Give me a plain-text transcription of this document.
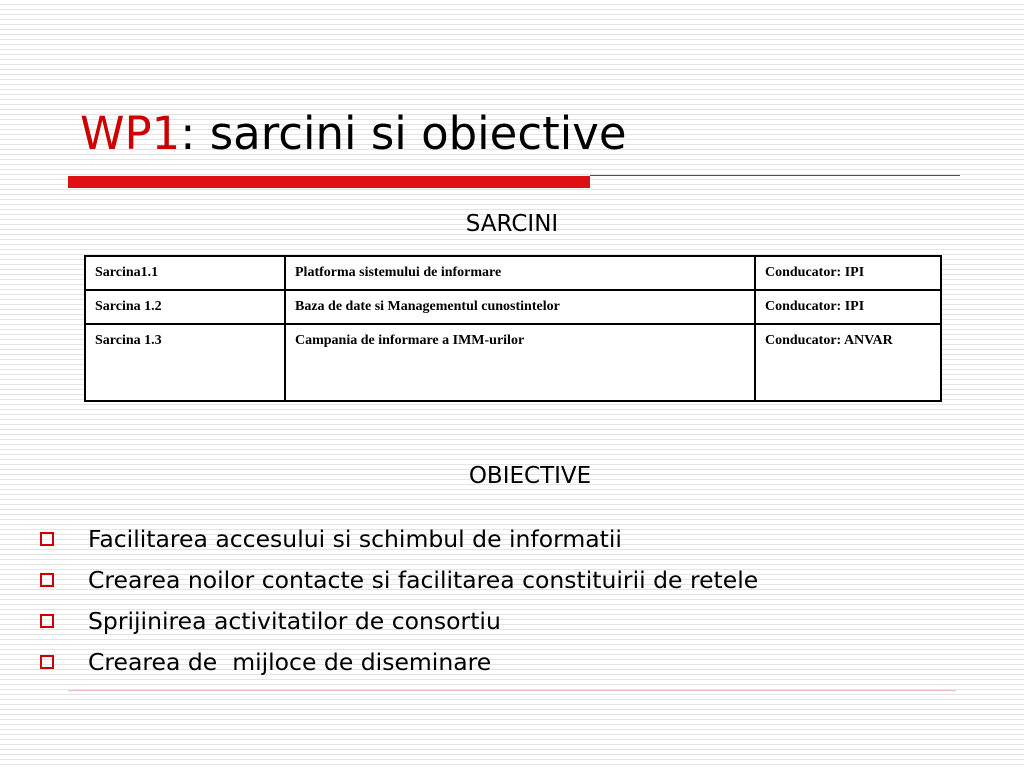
WP1: sarcini si obiective
SARCINI
Sarcina1.1	Platforma sistemului de informare	Conducator: IPI
Sarcina 1.2	Baza de date si Managementul cunostintelor	Conducator: IPI
Sarcina 1.3	Campania de informare a IMM-urilor	Conducator: ANVAR
OBIECTIVE
Facilitarea accesului si schimbul de informatii
Crearea noilor contacte si facilitarea constituirii de retele
Sprijinirea activitatilor de consortiu
Crearea de  mijloce de diseminare
